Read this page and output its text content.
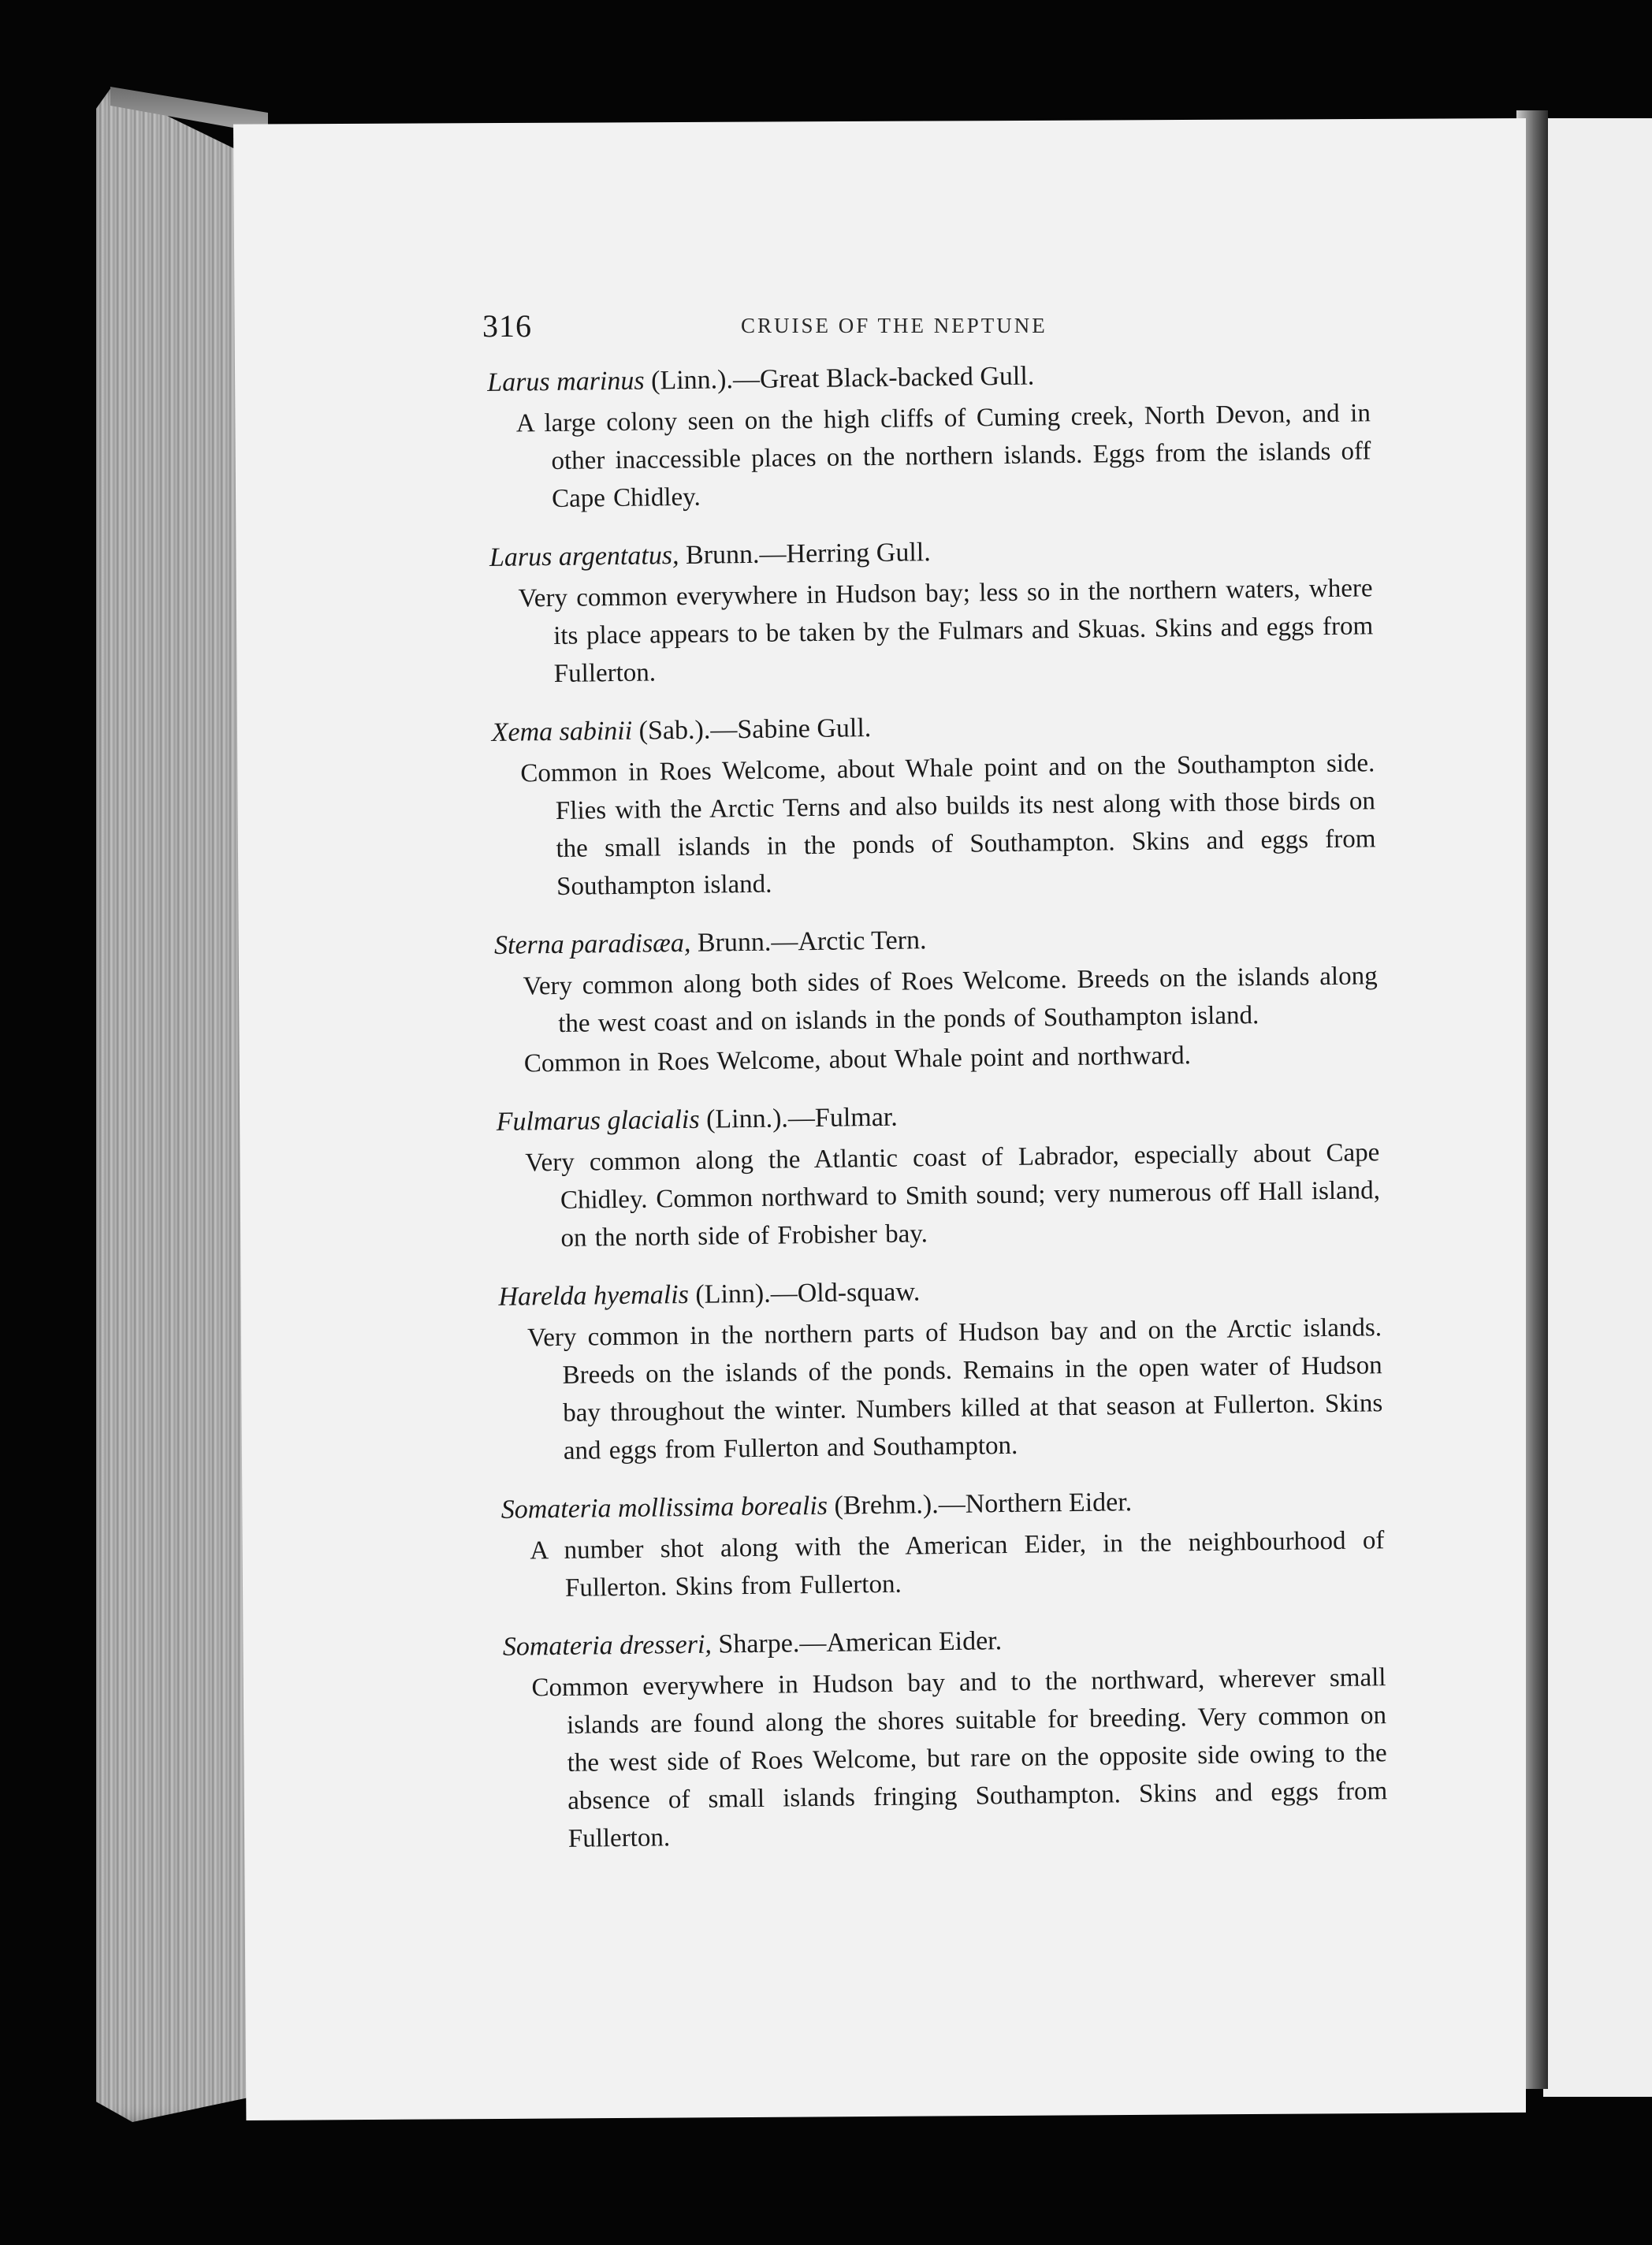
316	CRUISE OF THE NEPTUNE
Larus marinus (Linn.).—Great Black-backed Gull.

A large colony seen on the high cliffs of Cuming creek, North Devon, and in other inaccessible places on the northern islands. Eggs from the islands off Cape Chidley.

Larus argentatus, Brunn.—Herring Gull.

Very common everywhere in Hudson bay; less so in the northern waters, where its place appears to be taken by the Fulmars and Skuas. Skins and eggs from Fullerton.

Xema sabinii (Sab.).—Sabine Gull.

Common in Roes Welcome, about Whale point and on the Southampton side. Flies with the Arctic Terns and also builds its nest along with those birds on the small islands in the ponds of Southampton. Skins and eggs from Southampton island.

Sterna paradisæa, Brunn.—Arctic Tern.

Very common along both sides of Roes Welcome. Breeds on the islands along the west coast and on islands in the ponds of Southampton island.

Common in Roes Welcome, about Whale point and northward.

Fulmarus glacialis (Linn.).—Fulmar.

Very common along the Atlantic coast of Labrador, especially about Cape Chidley. Common northward to Smith sound; very numerous off Hall island, on the north side of Frobisher bay.

Harelda hyemalis (Linn).—Old-squaw.

Very common in the northern parts of Hudson bay and on the Arctic islands. Breeds on the islands of the ponds. Remains in the open water of Hudson bay throughout the winter. Numbers killed at that season at Fullerton. Skins and eggs from Fullerton and Southampton.

Somateria mollissima borealis (Brehm.).—Northern Eider.

A number shot along with the American Eider, in the neighbourhood of Fullerton. Skins from Fullerton.

Somateria dresseri, Sharpe.—American Eider.

Common everywhere in Hudson bay and to the northward, wherever small islands are found along the shores suitable for breeding. Very common on the west side of Roes Welcome, but rare on the opposite side owing to the absence of small islands fringing Southampton. Skins and eggs from Fullerton.
